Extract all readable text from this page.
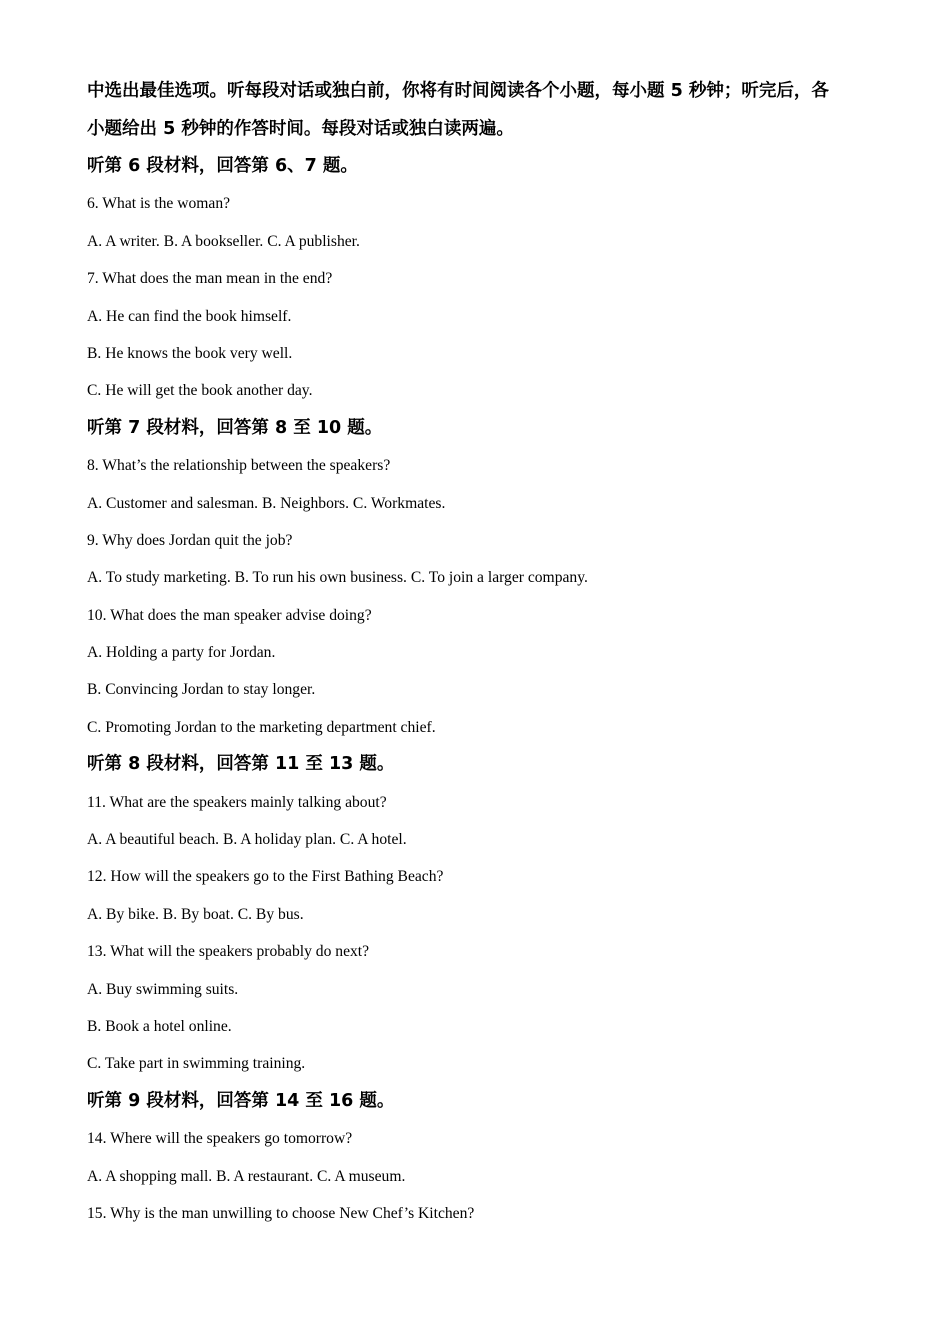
中选出最佳选项。听每段对话或独白前，你将有时间阅读各个小题，每小题 5 秒钟；听完后，各小题给出 5 秒钟的作答时间。每段对话或独白读两遍。

听第 6 段材料，回答第 6、7 题。

6. What is the woman?

A. A writer. B. A bookseller. C. A publisher.

7. What does the man mean in the end?

A. He can find the book himself.

B. He knows the book very well.

C. He will get the book another day.

听第 7 段材料，回答第 8 至 10 题。

8. What’s the relationship between the speakers?

A. Customer and salesman. B. Neighbors. C. Workmates.

9. Why does Jordan quit the job?

A. To study marketing. B. To run his own business. C. To join a larger company.

10. What does the man speaker advise doing?

A. Holding a party for Jordan.

B. Convincing Jordan to stay longer.

C. Promoting Jordan to the marketing department chief.

听第 8 段材料，回答第 11 至 13 题。

11. What are the speakers mainly talking about?

A. A beautiful beach. B. A holiday plan. C. A hotel.

12. How will the speakers go to the First Bathing Beach?

A. By bike. B. By boat. C. By bus.

13. What will the speakers probably do next?

A. Buy swimming suits.

B. Book a hotel online.

C. Take part in swimming training.

听第 9 段材料，回答第 14 至 16 题。

14. Where will the speakers go tomorrow?

A. A shopping mall. B. A restaurant. C. A museum.

15. Why is the man unwilling to choose New Chef’s Kitchen?
